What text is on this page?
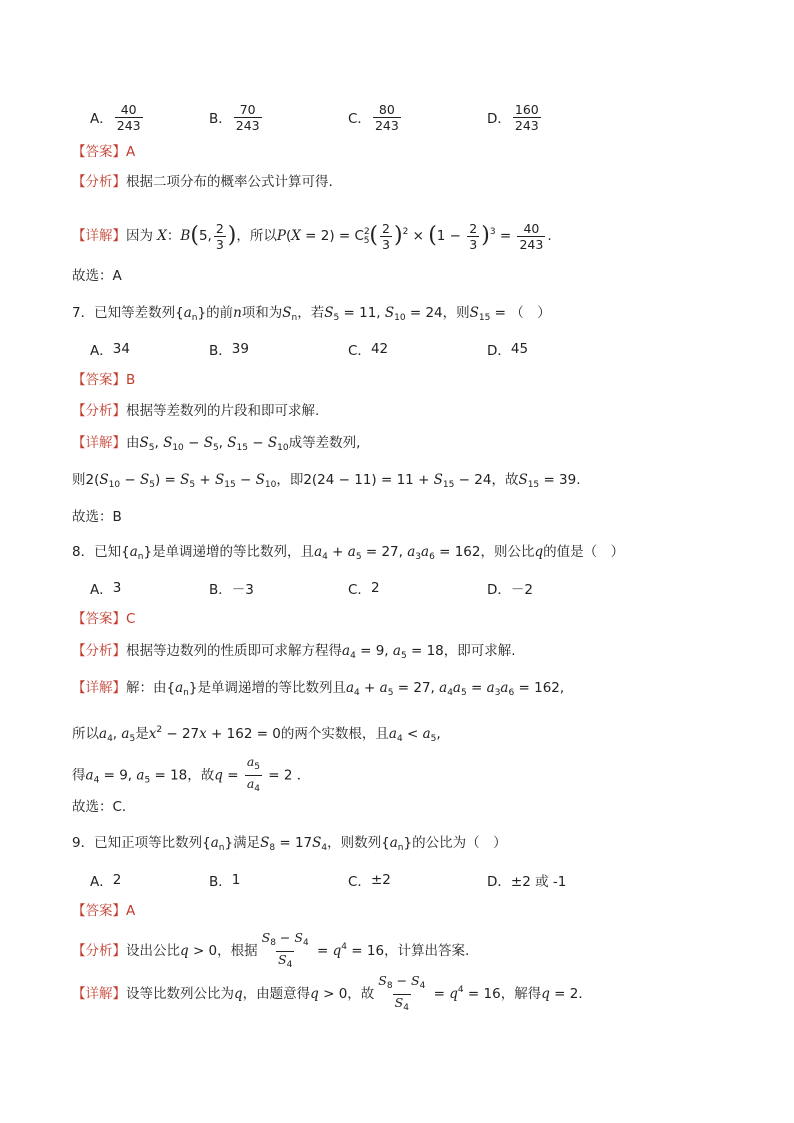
A． $\frac{40}{243}$	B． $\frac{70}{243}$	C． $\frac{80}{243}$	D． $\frac{160}{243}$
【答案】A
【分析】根据二项分布的概率公式计算可得.
【详解】因为 X：B(5, $\frac{2}{3}$ )，所以$P(X = 2) = C^2_5( \frac{2}{3} )^2 \times (1 - \frac{2}{3} )^3 = \frac{40}{243}$ .
故选：A
7．已知等差数列$\{a_n\}$的前n项和为$S_n$，若$S_5 = 11$, $S_{10} = 24$，则$S_{15}$ = （　）
A． 34	B． 39	C． 42	D． 45
【答案】B
【分析】根据等差数列的片段和即可求解.
【详解】由$S_5$, $S_{10} - S_5$, $S_{15} - S_{10}$成等差数列,
则$2(S_{10} - S_5) = S_5 + S_{15} - S_{10}$，即$2(24 - 11) = 11 + S_{15} - 24$，故$S_{15} = 39$.
故选：B
8．已知$\{a_n\}$是单调递增的等比数列，且$a_4 + a_5 = 27$, $a_3a_6 = 162$，则公比q的值是（　）
A． 3	B． －3	C． 2	D． －2
【答案】C
【分析】根据等边数列的性质即可求解方程得$a_4 = 9$, $a_5 = 18$，即可求解.
【详解】解：由$\{a_n\}$是单调递增的等比数列且$a_4 + a_5 = 27$, $a_4a_5 = a_3a_6 = 162$,
所以$a_4$, $a_5$是$x^2 - 27x + 162 = 0$的两个实数根，且$a_4 < a_5$,
得$a_4 = 9$, $a_5 = 18$，故$q = \frac{a_5}{a_4} = 2$ ．
故选：C．
9．已知正项等比数列$\{a_n\}$满足$S_8 = 17S_4$，则数列$\{a_n\}$的公比为（　）
A． 2	B． 1	C． ±2	D． ±2 或 -1
【答案】A
【分析】设出公比q > 0，根据 $\frac{S_8 - S_4}{S_4} = q^4 = 16$，计算出答案.
【详解】设等比数列公比为q，由题意得q > 0，故 $\frac{S_8 - S_4}{S_4} = q^4 = 16$，解得q = 2．
